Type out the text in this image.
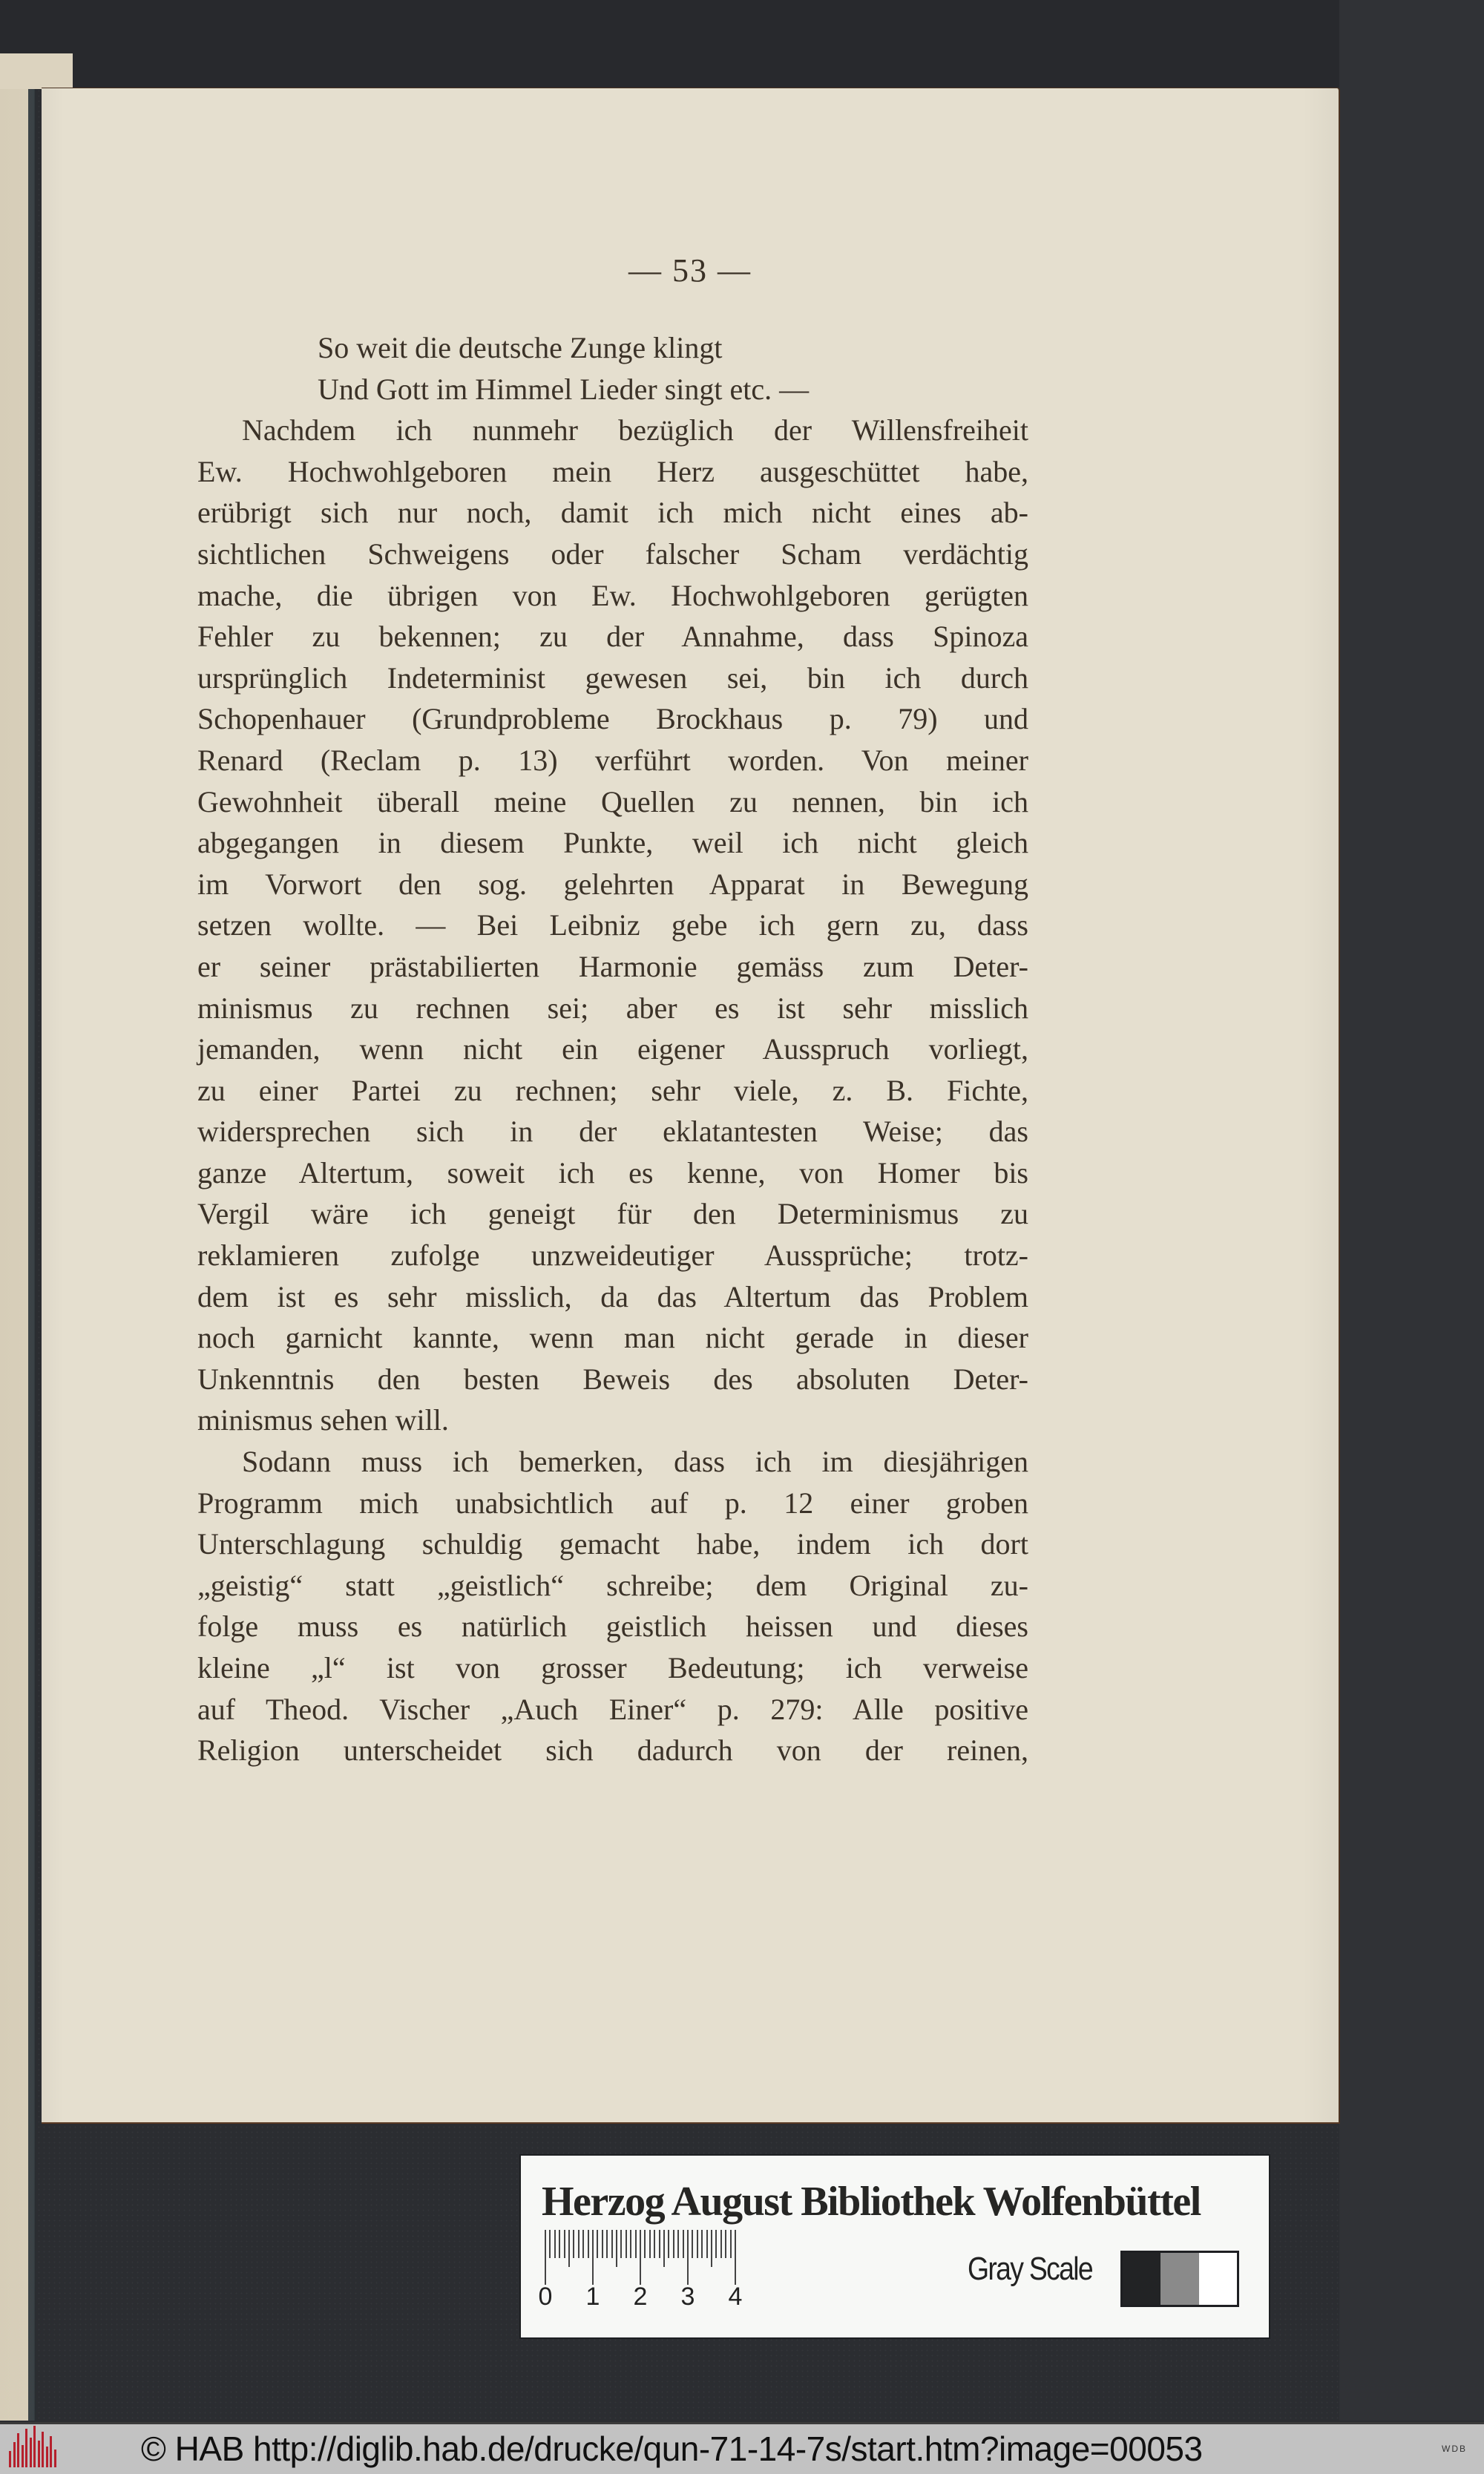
— 53 —
So weit die deutsche Zunge klingt
Und Gott im Himmel Lieder singt etc. —
Nachdem ich nunmehr bezüglich der Willensfreiheit
Ew. Hochwohlgeboren mein Herz ausgeschüttet habe,
erübrigt sich nur noch, damit ich mich nicht eines ab-
sichtlichen Schweigens oder falscher Scham verdächtig
mache, die übrigen von Ew. Hochwohlgeboren gerügten
Fehler zu bekennen; zu der Annahme, dass Spinoza
ursprünglich Indeterminist gewesen sei, bin ich durch
Schopenhauer (Grundprobleme Brockhaus p. 79) und
Renard (Reclam p. 13) verführt worden. Von meiner
Gewohnheit überall meine Quellen zu nennen, bin ich
abgegangen in diesem Punkte, weil ich nicht gleich
im Vorwort den sog. gelehrten Apparat in Bewegung
setzen wollte. — Bei Leibniz gebe ich gern zu, dass
er seiner prästabilierten Harmonie gemäss zum Deter-
minismus zu rechnen sei; aber es ist sehr misslich
jemanden, wenn nicht ein eigener Ausspruch vorliegt,
zu einer Partei zu rechnen; sehr viele, z. B. Fichte,
widersprechen sich in der eklatantesten Weise; das
ganze Altertum, soweit ich es kenne, von Homer bis
Vergil wäre ich geneigt für den Determinismus zu
reklamieren zufolge unzweideutiger Aussprüche; trotz-
dem ist es sehr misslich, da das Altertum das Problem
noch garnicht kannte, wenn man nicht gerade in dieser
Unkenntnis den besten Beweis des absoluten Deter-
minismus sehen will.
Sodann muss ich bemerken, dass ich im diesjährigen
Programm mich unabsichtlich auf p. 12 einer groben
Unterschlagung schuldig gemacht habe, indem ich dort
„geistig“ statt „geistlich“ schreibe; dem Original zu-
folge muss es natürlich geistlich heissen und dieses
kleine „l“ ist von grosser Bedeutung; ich verweise
auf Theod. Vischer „Auch Einer“ p. 279: Alle positive
Religion unterscheidet sich dadurch von der reinen,
Herzog August Bibliothek Wolfenbüttel
0 1 2 3 4
Gray Scale
© HAB http://diglib.hab.de/drucke/qun-71-14-7s/start.htm?image=00053	WDB
